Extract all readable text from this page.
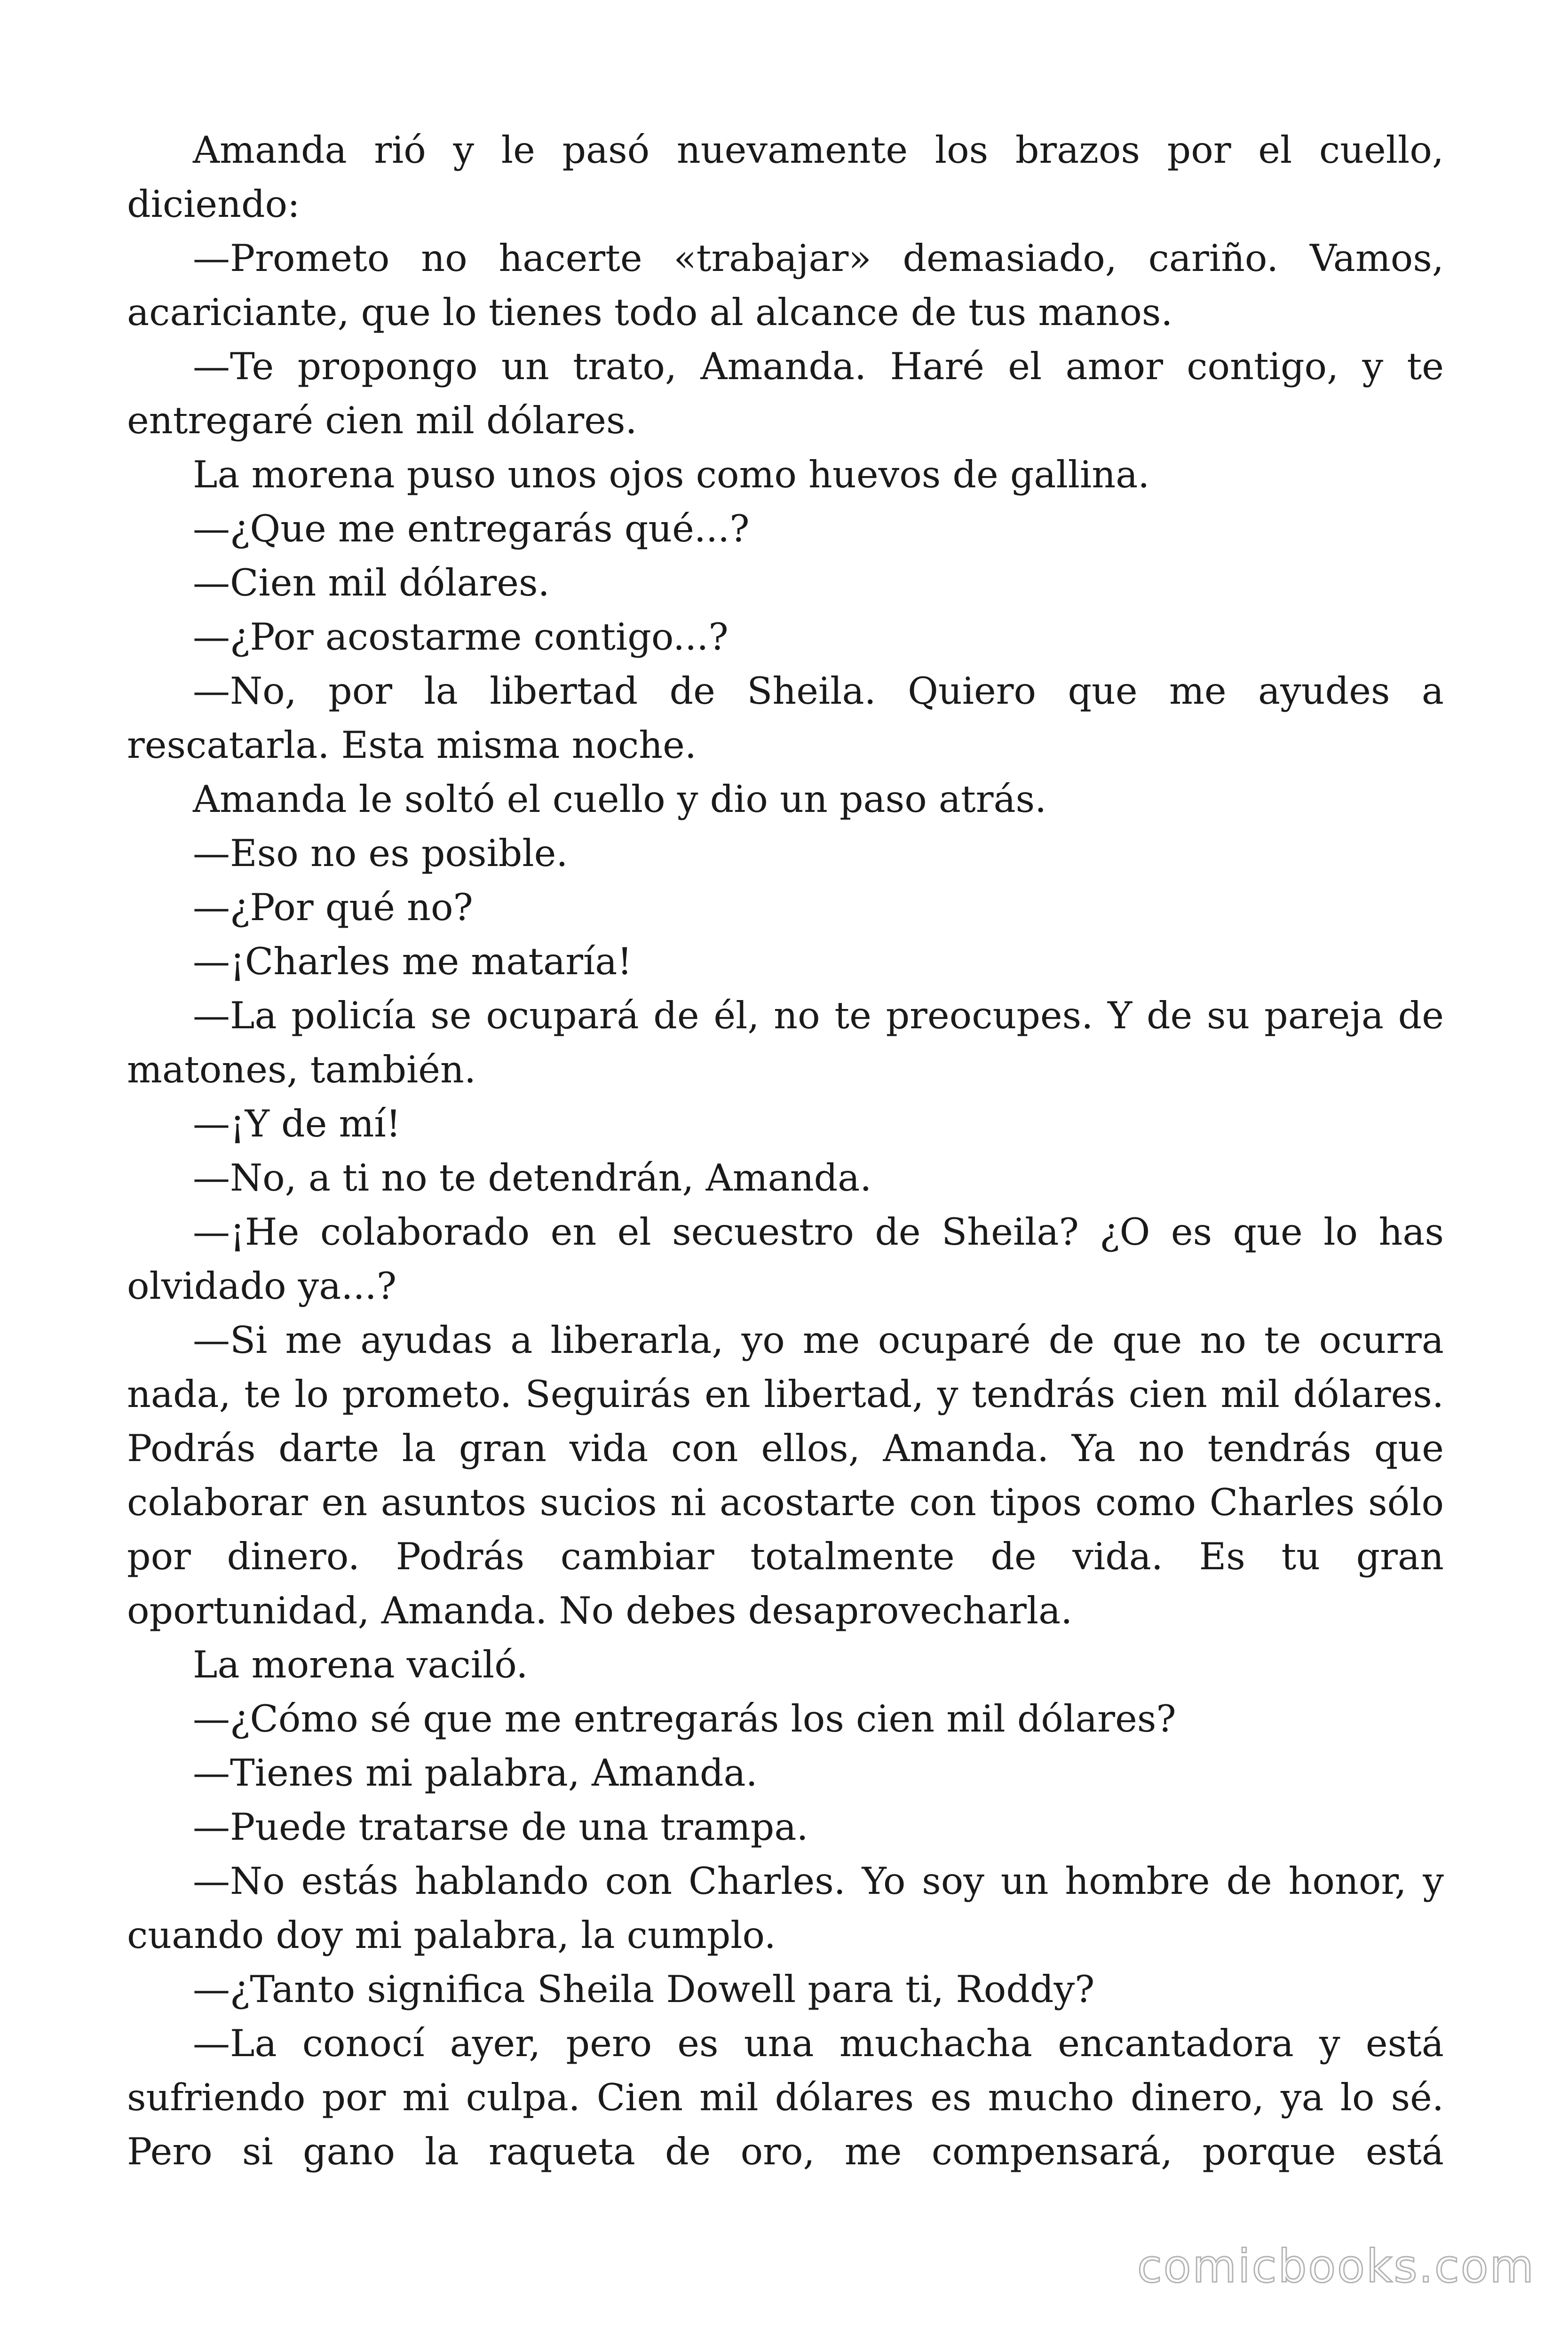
Amanda rió y le pasó nuevamente los brazos por el cuello, diciendo:

—Prometo no hacerte «trabajar» demasiado, cariño. Vamos, acariciante, que lo tienes todo al alcance de tus manos.

—Te propongo un trato, Amanda. Haré el amor contigo, y te entregaré cien mil dólares.

La morena puso unos ojos como huevos de gallina.

—¿Que me entregarás qué...?

—Cien mil dólares.

—¿Por acostarme contigo...?

—No, por la libertad de Sheila. Quiero que me ayudes a rescatarla. Esta misma noche.

Amanda le soltó el cuello y dio un paso atrás.

—Eso no es posible.

—¿Por qué no?

—¡Charles me mataría!

—La policía se ocupará de él, no te preocupes. Y de su pareja de matones, también.

—¡Y de mí!

—No, a ti no te detendrán, Amanda.

—¡He colaborado en el secuestro de Sheila? ¿O es que lo has olvidado ya...?

—Si me ayudas a liberarla, yo me ocuparé de que no te ocurra nada, te lo prometo. Seguirás en libertad, y tendrás cien mil dólares. Podrás darte la gran vida con ellos, Amanda. Ya no tendrás que colaborar en asuntos sucios ni acostarte con tipos como Charles sólo por dinero. Podrás cambiar totalmente de vida. Es tu gran oportunidad, Amanda. No debes desaprovecharla.

La morena vaciló.

—¿Cómo sé que me entregarás los cien mil dólares?

—Tienes mi palabra, Amanda.

—Puede tratarse de una trampa.

—No estás hablando con Charles. Yo soy un hombre de honor, y cuando doy mi palabra, la cumplo.

—¿Tanto significa Sheila Dowell para ti, Roddy?

—La conocí ayer, pero es una muchacha encantadora y está sufriendo por mi culpa. Cien mil dólares es mucho dinero, ya lo sé. Pero si gano la raqueta de oro, me compensará, porque está

comicbooks.com
